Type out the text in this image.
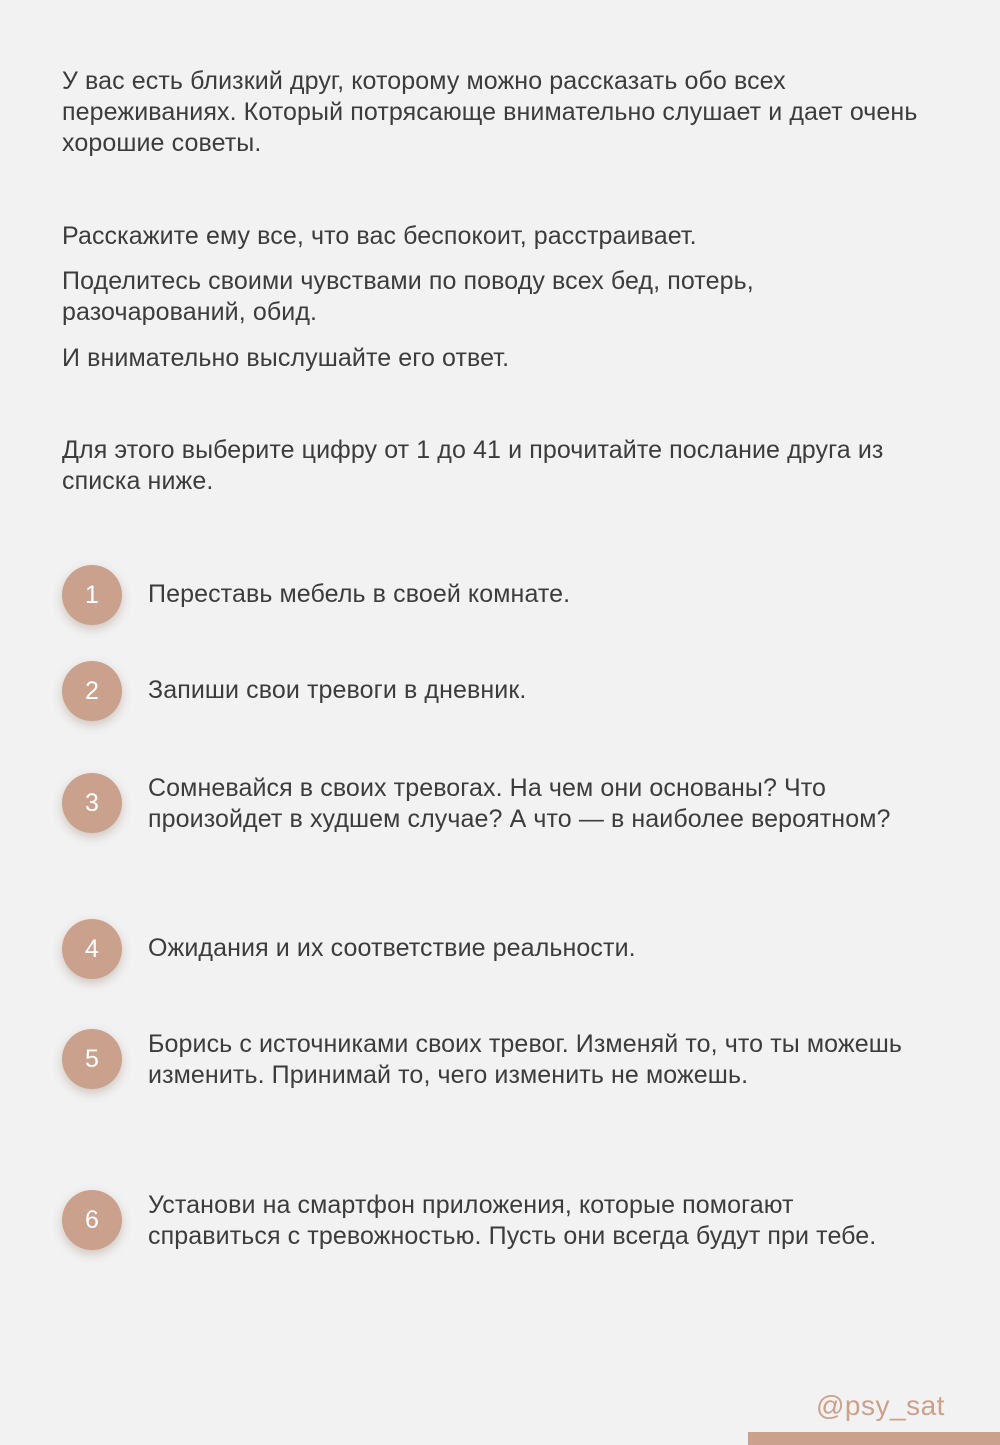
У вас есть близкий друг, которому можно рассказать обо всех переживаниях. Который потрясающе внимательно слушает и дает очень хорошие советы.

Расскажите ему все, что вас беспокоит, расстраивает.

Поделитесь своими чувствами по поводу всех бед, потерь, разочарований, обид.

И внимательно выслушайте его ответ.

Для этого выберите цифру от 1 до 41 и прочитайте послание друга из списка ниже.

1	Переставь мебель в своей комнате.

2	Запиши свои тревоги в дневник.

3

Сомневайся в своих тревогах. На чем они основаны? Что произойдет в худшем случае? А что — в наиболее вероятном?

4	Ожидания и их соответствие реальности.

5

Борись с источниками своих тревог. Изменяй то, что ты можешь изменить. Принимай то, чего изменить не можешь.

6

Установи на смартфон приложения, которые помогают справиться с тревожностью. Пусть они всегда будут при тебе.

@psy_sat
